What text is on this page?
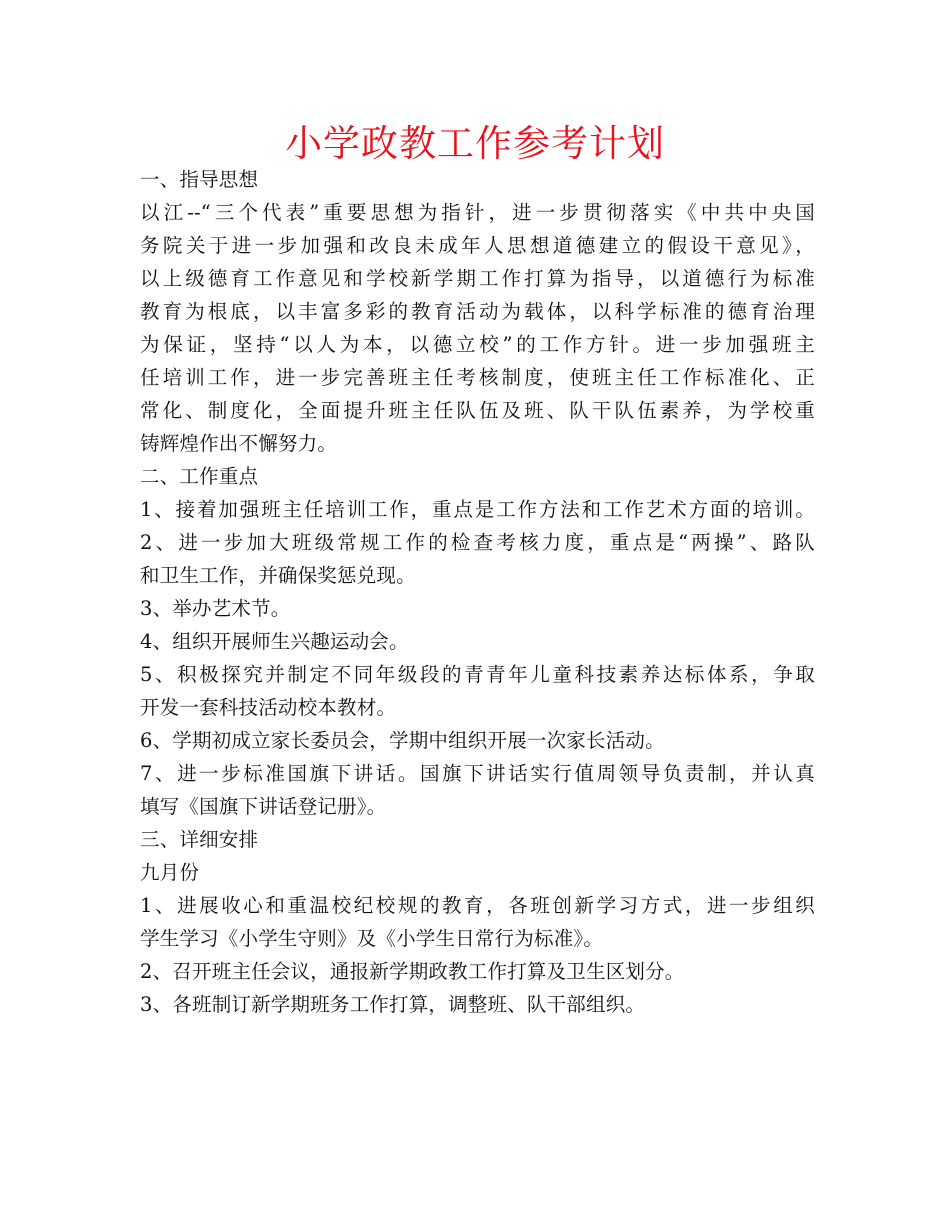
小学政教工作参考计划
一、指导思想
以江--“三个代表”重要思想为指针，进一步贯彻落实《中共中央国
务院关于进一步加强和改良未成年人思想道德建立的假设干意见》，
以上级德育工作意见和学校新学期工作打算为指导，以道德行为标准
教育为根底，以丰富多彩的教育活动为载体，以科学标准的德育治理
为保证，坚持“以人为本，以德立校”的工作方针。进一步加强班主
任培训工作，进一步完善班主任考核制度，使班主任工作标准化、正
常化、制度化，全面提升班主任队伍及班、队干队伍素养，为学校重
铸辉煌作出不懈努力。
二、工作重点
1、接着加强班主任培训工作，重点是工作方法和工作艺术方面的培训。
2、进一步加大班级常规工作的检查考核力度，重点是“两操”、路队
和卫生工作，并确保奖惩兑现。
3、举办艺术节。
4、组织开展师生兴趣运动会。
5、积极探究并制定不同年级段的青青年儿童科技素养达标体系，争取
开发一套科技活动校本教材。
6、学期初成立家长委员会，学期中组织开展一次家长活动。
7、进一步标准国旗下讲话。国旗下讲话实行值周领导负责制，并认真
填写《国旗下讲话登记册》。
三、详细安排
九月份
1、进展收心和重温校纪校规的教育，各班创新学习方式，进一步组织
学生学习《小学生守则》及《小学生日常行为标准》。
2、召开班主任会议，通报新学期政教工作打算及卫生区划分。
3、各班制订新学期班务工作打算，调整班、队干部组织。
